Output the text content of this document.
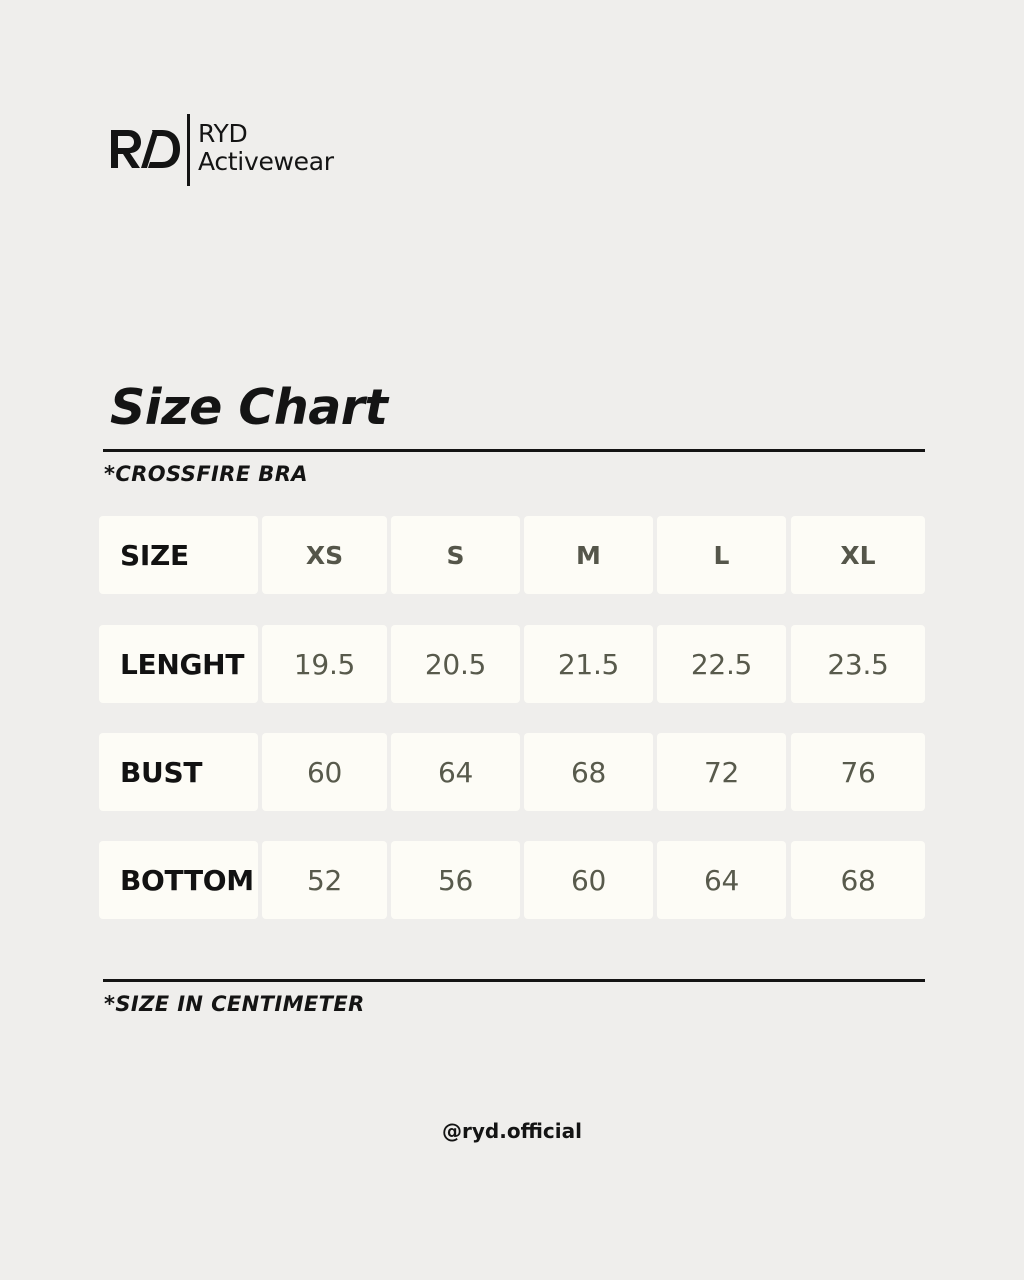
RYD
Activewear
Size Chart
*CROSSFIRE BRA
SIZE	XS	S	M	L	XL
LENGHT	19.5	20.5	21.5	22.5	23.5
BUST	60	64	68	72	76
BOTTOM	52	56	60	64	68
*SIZE IN CENTIMETER
@ryd.official
